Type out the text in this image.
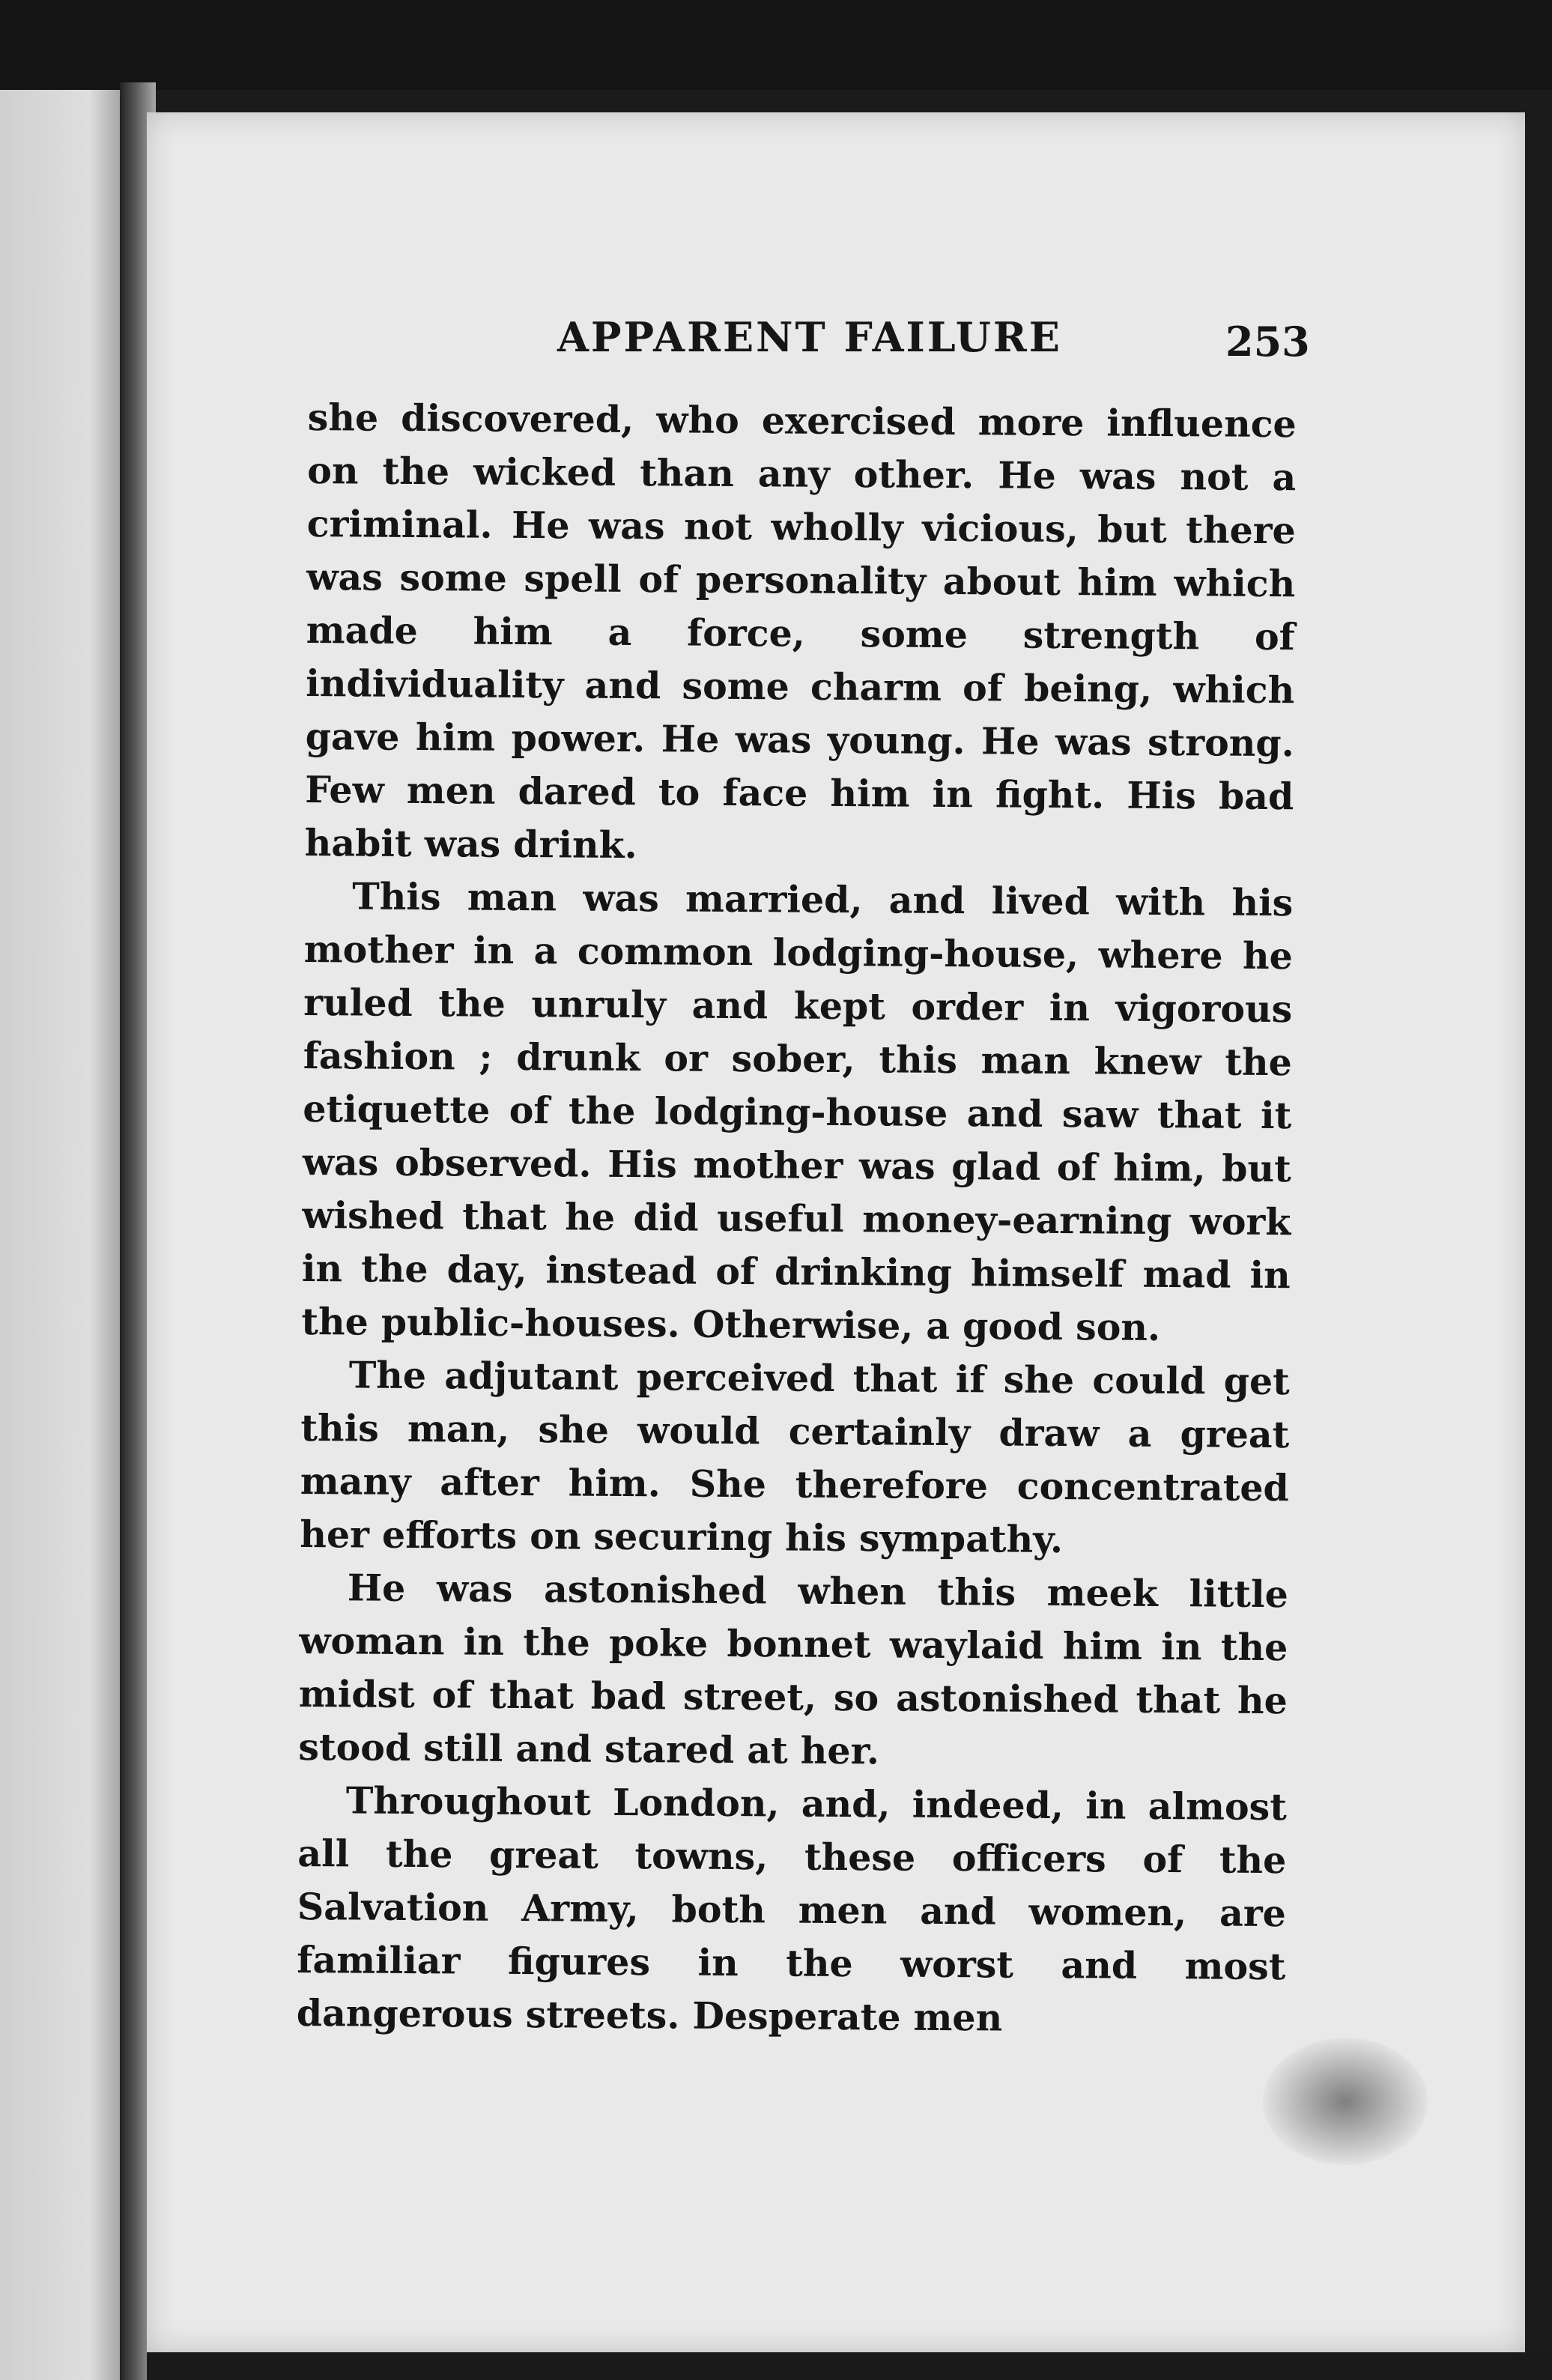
APPARENT FAILURE	253

she discovered, who exercised more influence on the wicked than any other. He was not a criminal. He was not wholly vicious, but there was some spell of personality about him which made him a force, some strength of individuality and some charm of being, which gave him power. He was young. He was strong. Few men dared to face him in fight. His bad habit was drink.

This man was married, and lived with his mother in a common lodging-house, where he ruled the unruly and kept order in vigorous fashion ; drunk or sober, this man knew the etiquette of the lodging-house and saw that it was observed. His mother was glad of him, but wished that he did useful money-earning work in the day, instead of drinking himself mad in the public-houses. Otherwise, a good son.

The adjutant perceived that if she could get this man, she would certainly draw a great many after him. She therefore concentrated her efforts on securing his sympathy.

He was astonished when this meek little woman in the poke bonnet waylaid him in the midst of that bad street, so astonished that he stood still and stared at her.

Throughout London, and, indeed, in almost all the great towns, these officers of the Salvation Army, both men and women, are familiar figures in the worst and most dangerous streets. Desperate men
